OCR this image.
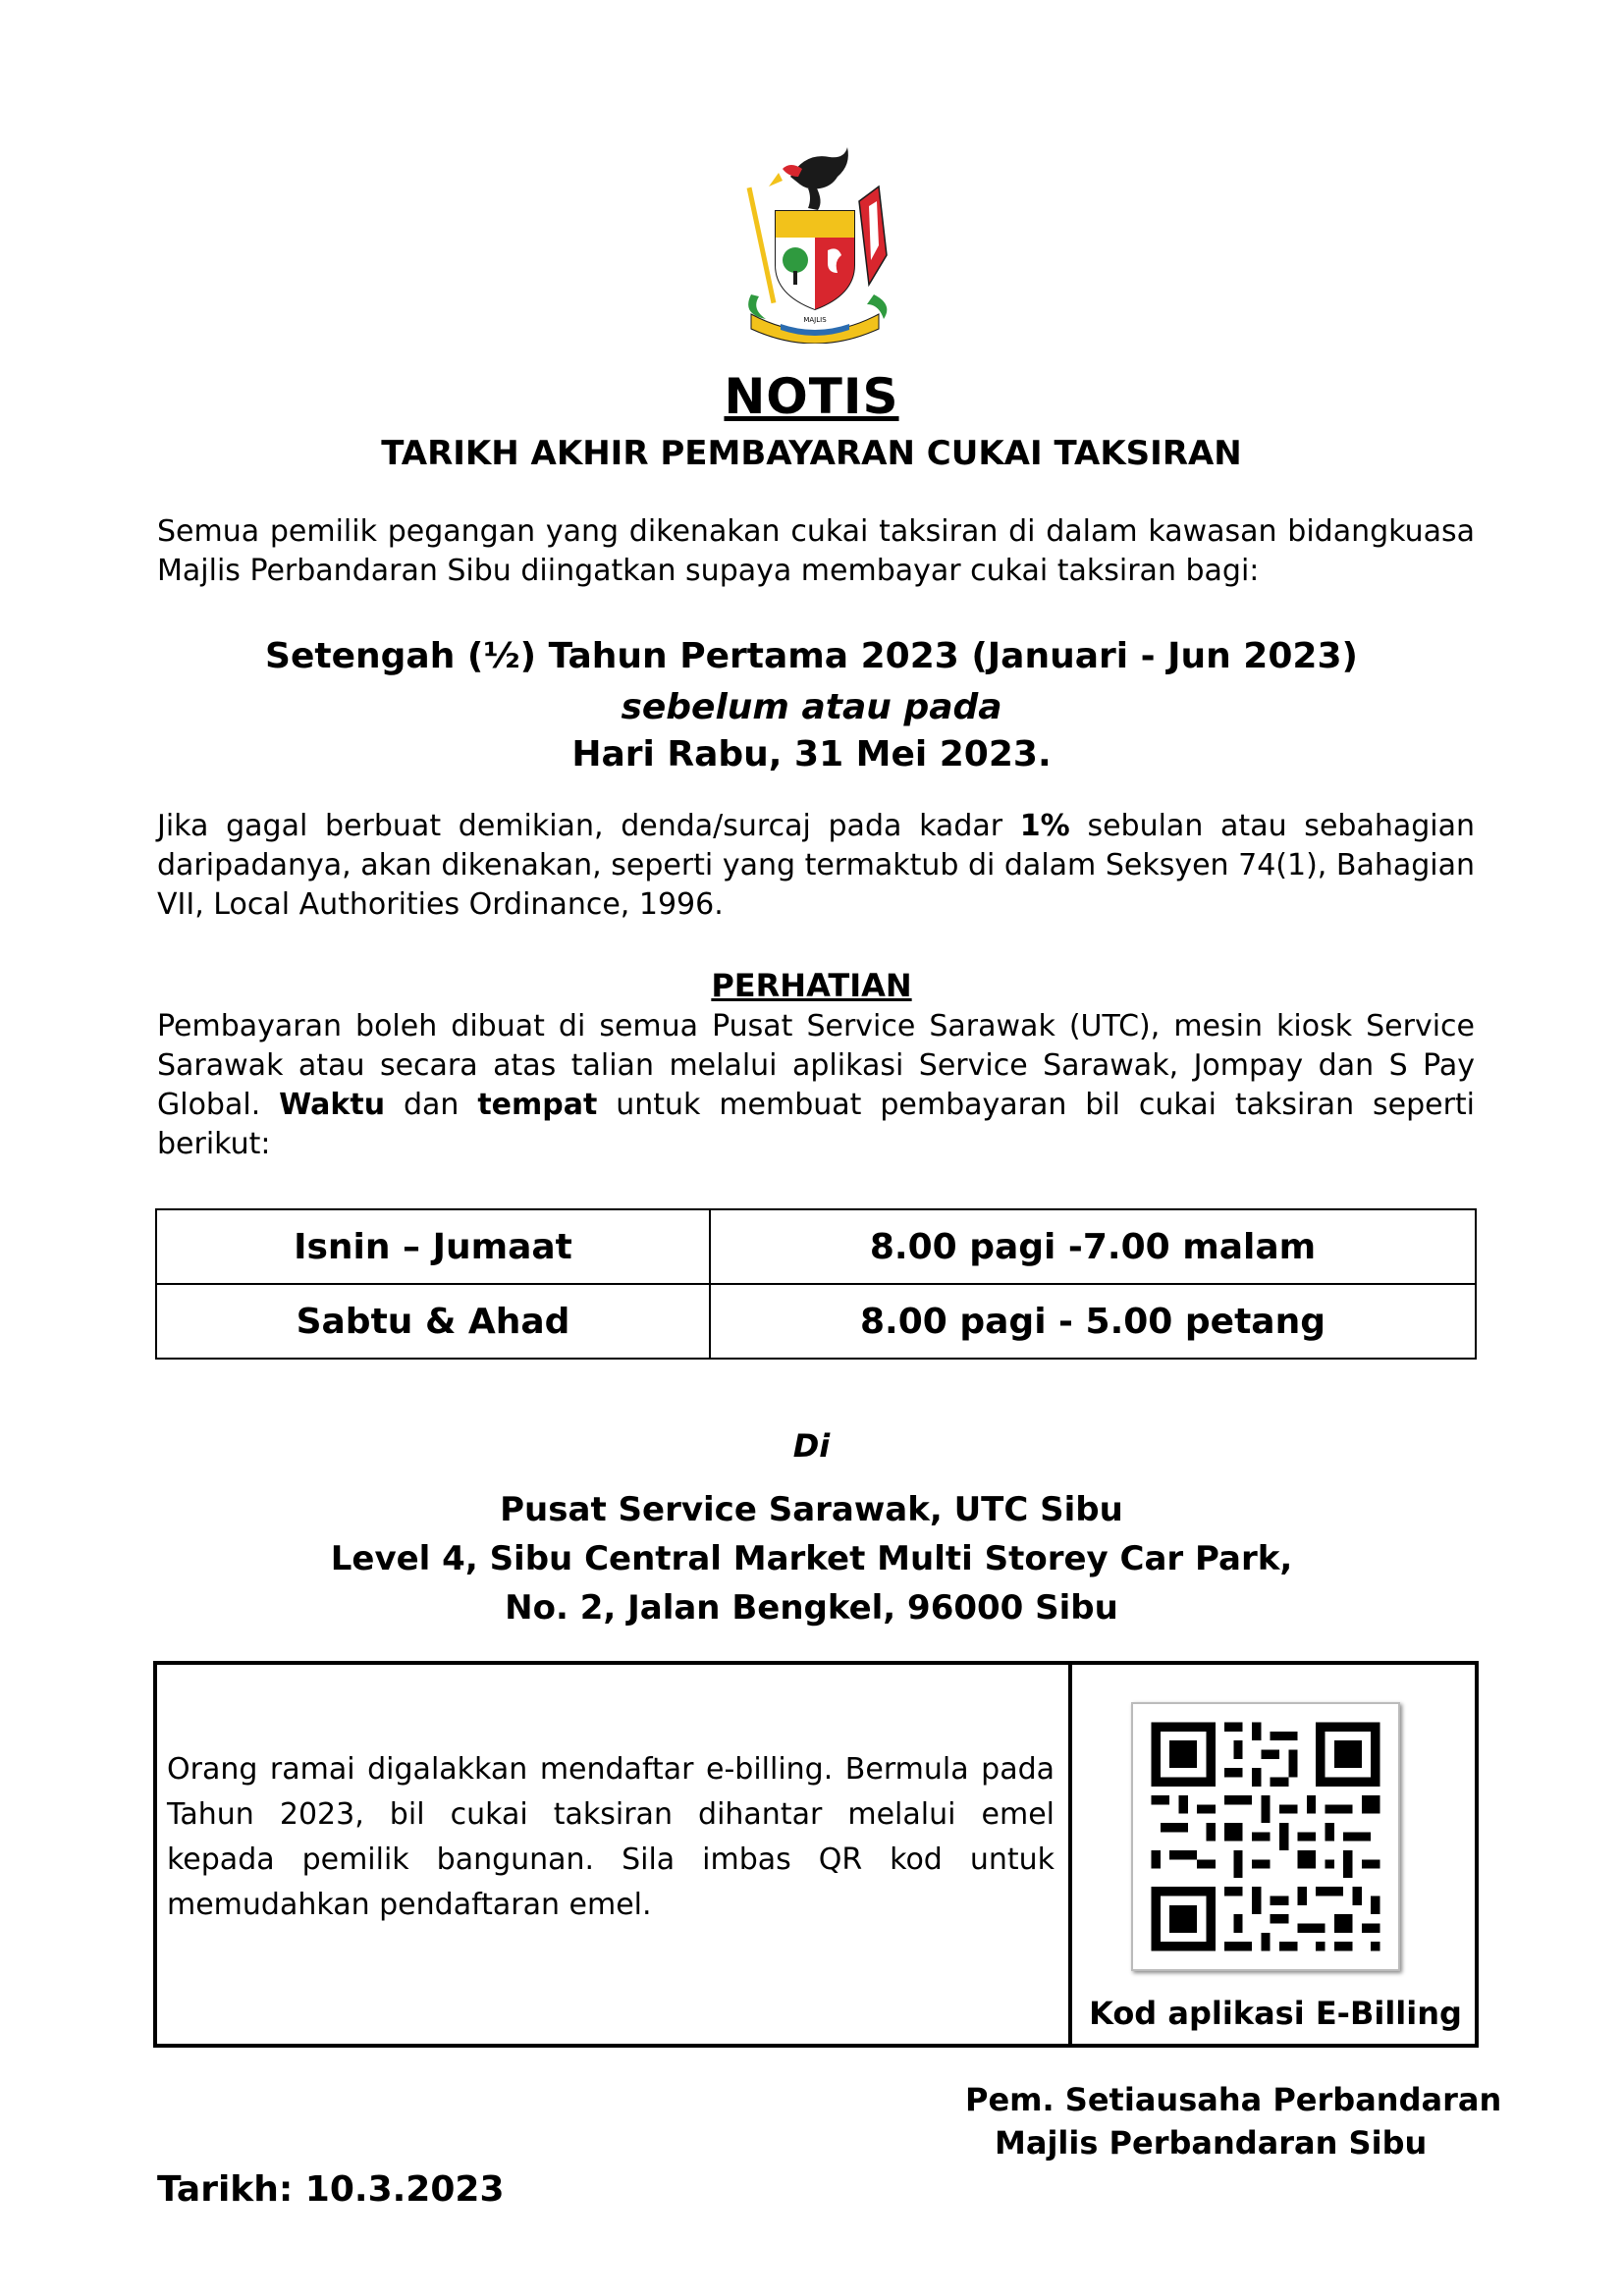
MAJLIS
NOTIS
TARIKH AKHIR PEMBAYARAN CUKAI TAKSIRAN
Semua pemilik pegangan yang dikenakan cukai taksiran di dalam kawasan bidangkuasa Majlis Perbandaran Sibu diingatkan supaya membayar cukai taksiran bagi:
Setengah (½) Tahun Pertama 2023 (Januari - Jun 2023)
sebelum atau pada
Hari Rabu, 31 Mei 2023.
Jika gagal berbuat demikian, denda/surcaj pada kadar 1% sebulan atau sebahagian daripadanya, akan dikenakan, seperti yang termaktub di dalam Seksyen 74(1), Bahagian VII, Local Authorities Ordinance, 1996.
PERHATIAN
Pembayaran boleh dibuat di semua Pusat Service Sarawak (UTC), mesin kiosk Service Sarawak atau secara atas talian melalui aplikasi Service Sarawak, Jompay dan S Pay Global. Waktu dan tempat untuk membuat pembayaran bil cukai taksiran seperti berikut:
Isnin – Jumaat	8.00 pagi -7.00 malam
Sabtu & Ahad	8.00 pagi - 5.00 petang
Di
Pusat Service Sarawak, UTC Sibu
Level 4, Sibu Central Market Multi Storey Car Park,
No. 2, Jalan Bengkel, 96000 Sibu
Orang ramai digalakkan mendaftar e-billing. Bermula pada Tahun 2023, bil cukai taksiran dihantar melalui emel kepada pemilik bangunan. Sila imbas QR kod untuk memudahkan pendaftaran emel.
Kod aplikasi E-Billing
Pem. Setiausaha Perbandaran
Majlis Perbandaran Sibu
Tarikh: 10.3.2023
